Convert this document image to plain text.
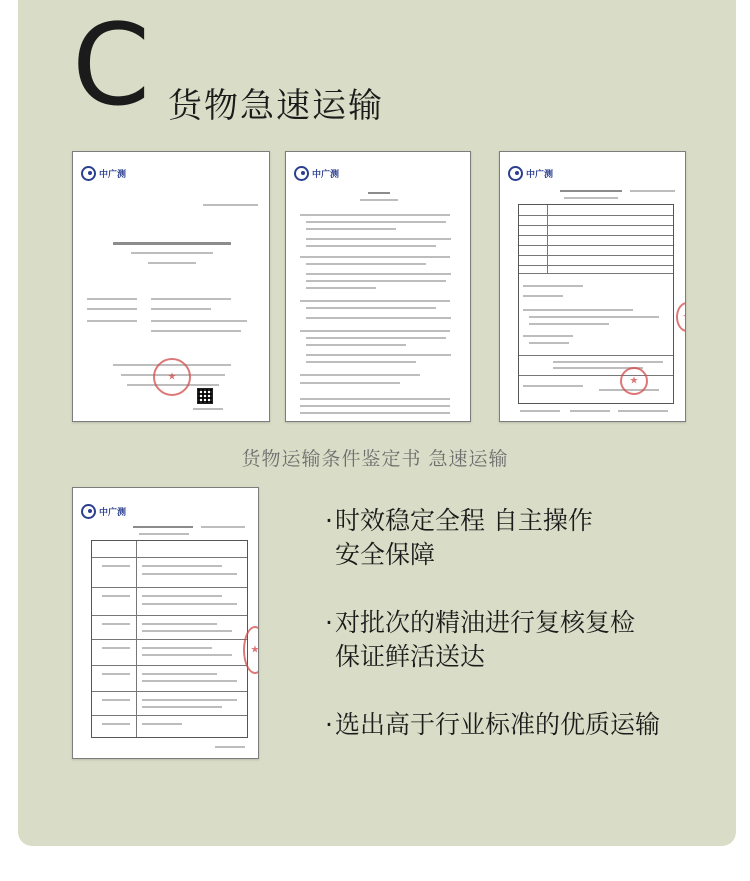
C 货物急速运输
中广测
★	中广测	中广测
★
★
货物运输条件鉴定书 急速运输
中广测
★	·时效稳定全程 自主操作
安全保障
·对批次的精油进行复核复检
保证鲜活送达
·选出高于行业标准的优质运输
